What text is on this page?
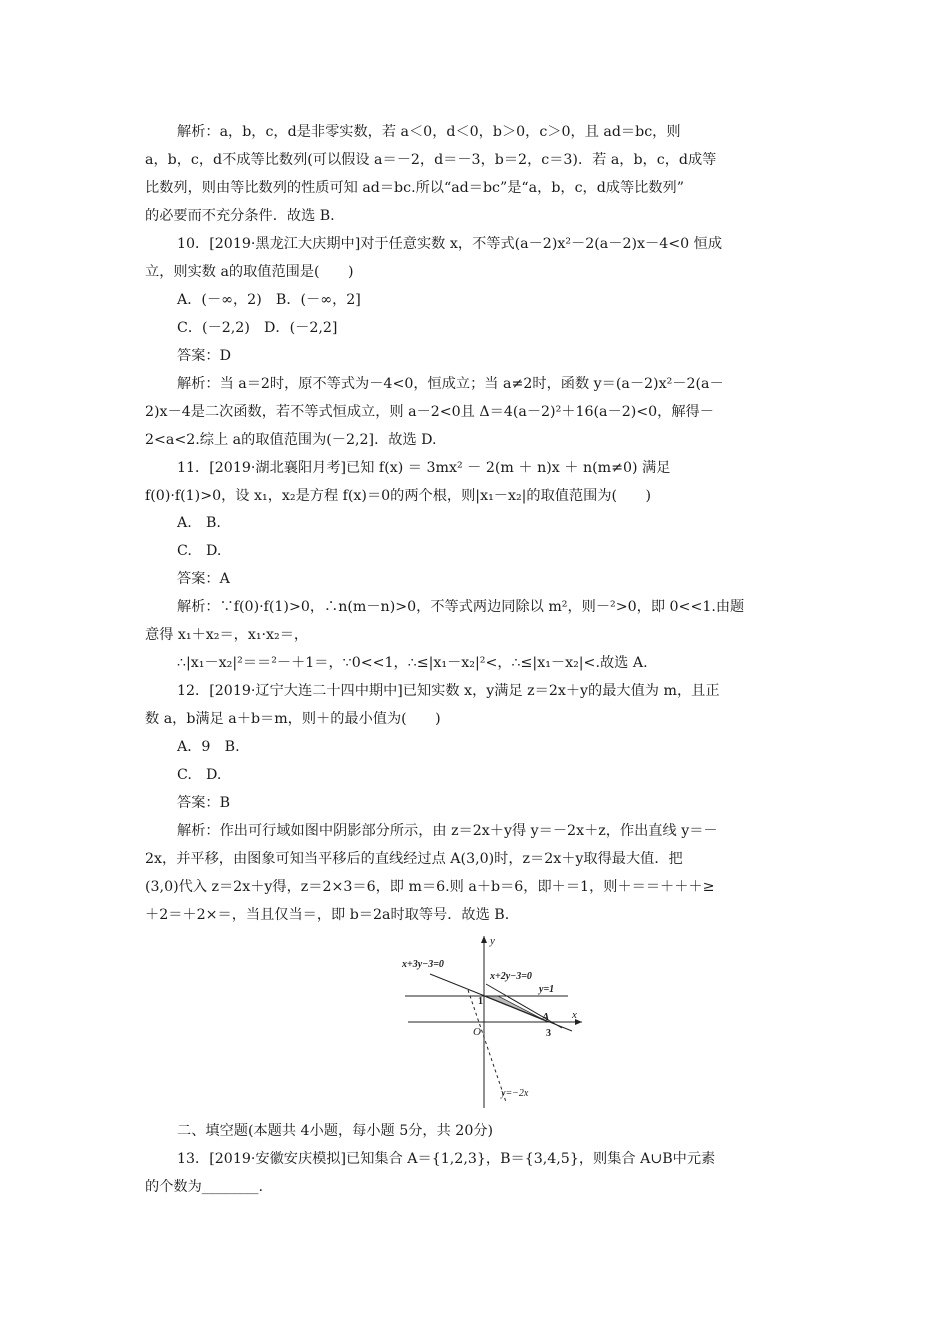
解析：a，b，c，d是非零实数，若 a＜0，d＜0，b＞0，c＞0，且 ad＝bc，则
a，b，c，d不成等比数列(可以假设 a＝－2，d＝－3，b＝2，c＝3)．若 a，b，c，d成等
比数列，则由等比数列的性质可知 ad＝bc.所以“ad＝bc”是“a，b，c，d成等比数列”
的必要而不充分条件．故选 B.
10．[2019·黑龙江大庆期中]对于任意实数 x，不等式(a－2)x²－2(a－2)x－4<0 恒成
立，则实数 a的取值范围是(　　)
A．(－∞，2)　B．(－∞，2]
C．(－2,2)　D．(－2,2]
答案：D
解析：当 a＝2时，原不等式为－4<0，恒成立；当 a≠2时，函数 y＝(a－2)x²－2(a－
2)x－4是二次函数，若不等式恒成立，则 a－2<0且 Δ＝4(a－2)²＋16(a－2)<0，解得－
2<a<2.综上 a的取值范围为(－2,2]．故选 D.
11．[2019·湖北襄阳月考]已知 f(x) ＝ 3mx² － 2(m ＋ n)x ＋ n(m≠0) 满足
f(0)·f(1)>0，设 x₁，x₂是方程 f(x)＝0的两个根，则|x₁－x₂|的取值范围为(　　)
A.　B.
C.　D.
答案：A
解析：∵f(0)·f(1)>0，∴n(m－n)>0，不等式两边同除以 m²，则－²>0，即 0<<1.由题
意得 x₁＋x₂＝，x₁·x₂＝，
∴|x₁－x₂|²＝＝²－＋1＝，∵0<<1，∴≤|x₁－x₂|²<，∴≤|x₁－x₂|<.故选 A.
12．[2019·辽宁大连二十四中期中]已知实数 x，y满足 z＝2x＋y的最大值为 m，且正
数 a，b满足 a＋b＝m，则＋的最小值为(　　)
A．9　B.
C.　D.
答案：B
解析：作出可行域如图中阴影部分所示，由 z＝2x＋y得 y＝－2x＋z，作出直线 y＝－
2x，并平移，由图象可知当平移后的直线经过点 A(3,0)时，z＝2x＋y取得最大值．把
(3,0)代入 z＝2x＋y得，z＝2×3＝6，即 m＝6.则 a＋b＝6，即＋＝1，则＋＝＝＋＋＋≥
＋2＝＋2×＝，当且仅当＝，即 b＝2a时取等号．故选 B.
二、填空题(本题共 4小题，每小题 5分，共 20分)
13．[2019·安徽安庆模拟]已知集合 A＝{1,2,3}，B＝{3,4,5}，则集合 A∪B中元素
的个数为________.
y
x
x+3y−3=0
x+2y−3=0
y=1
y=−2x
O
1
3
A
